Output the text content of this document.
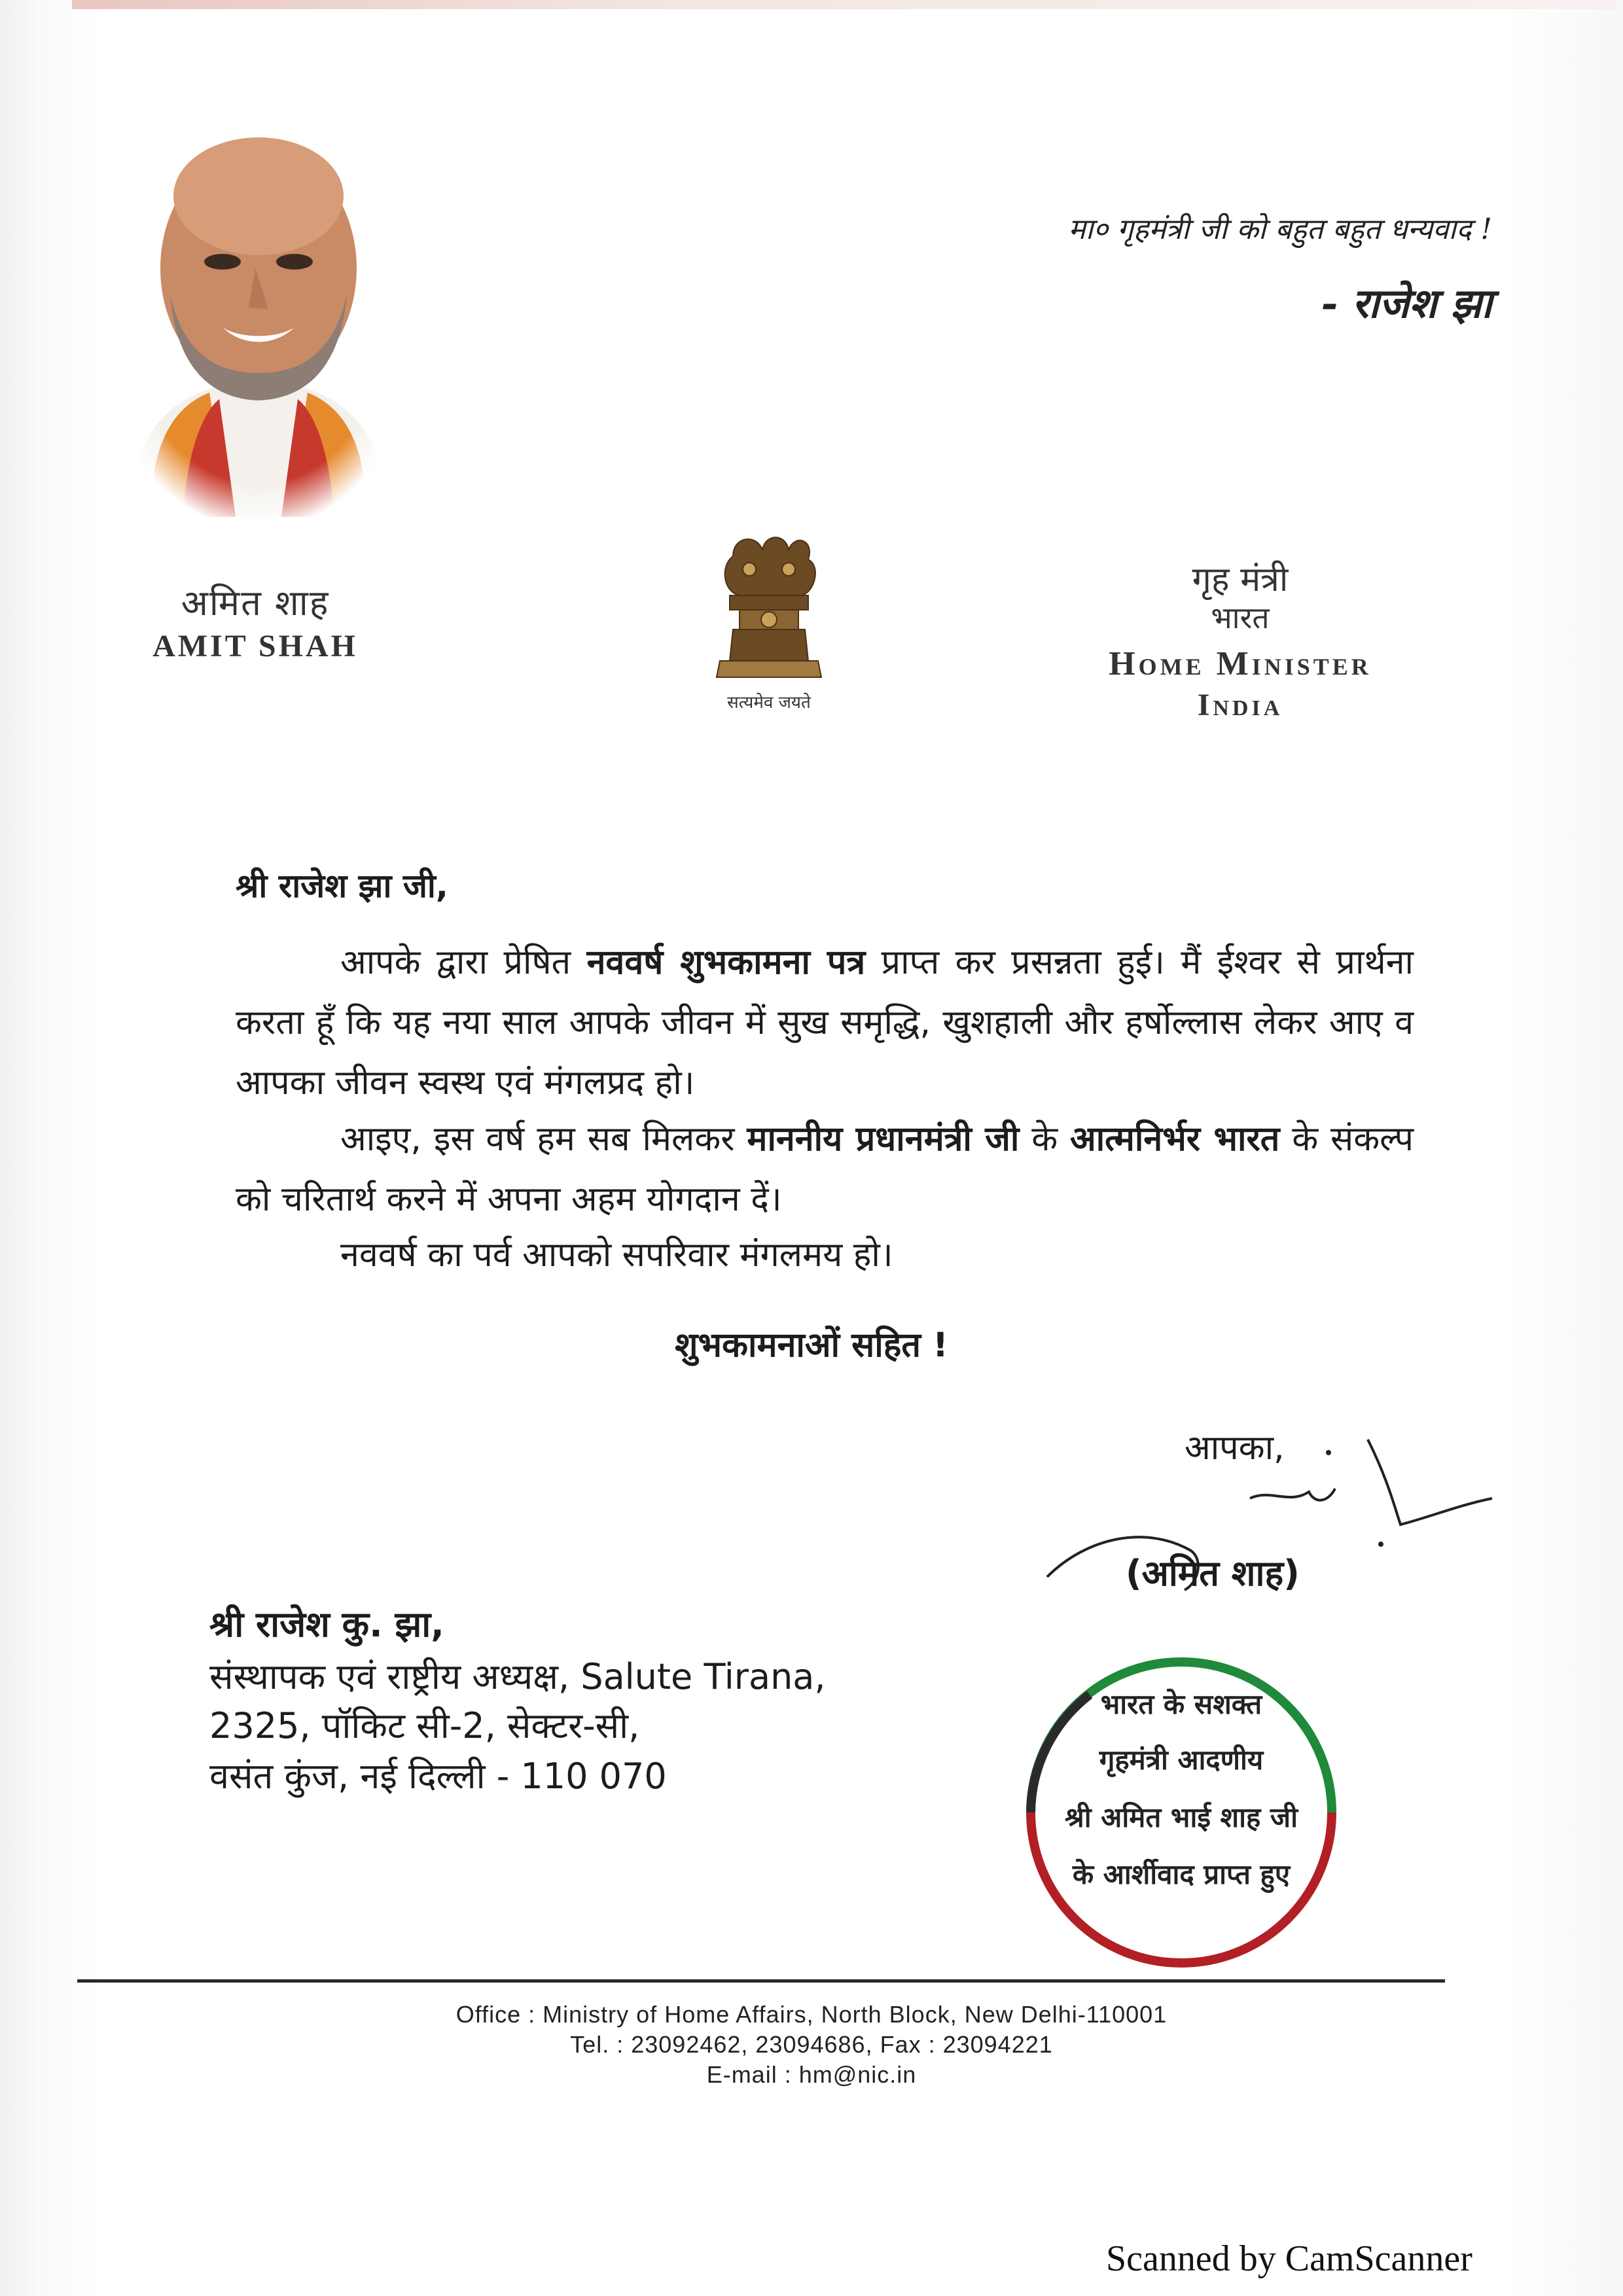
मा० गृहमंत्री जी को बहुत बहुत धन्यवाद !
- राजेश झा
अमित शाह
AMIT SHAH
सत्यमेव जयते
गृह मंत्री
भारत
Home Minister
India
श्री राजेश झा जी,
आपके द्वारा प्रेषित नववर्ष शुभकामना पत्र प्राप्त कर प्रसन्नता हुई। मैं ईश्वर से प्रार्थना करता हूँ कि यह नया साल आपके जीवन में सुख समृद्धि, खुशहाली और हर्षोल्लास लेकर आए व आपका जीवन स्वस्थ एवं मंगलप्रद हो।
आइए, इस वर्ष हम सब मिलकर माननीय प्रधानमंत्री जी के आत्मनिर्भर भारत के संकल्प को चरितार्थ करने में अपना अहम योगदान दें।
नववर्ष का पर्व आपको सपरिवार मंगलमय हो।
शुभकामनाओं सहित !
आपका,
(अमित शाह)
श्री राजेश कु. झा,
संस्थापक एवं राष्ट्रीय अध्यक्ष, Salute Tirana,
2325, पॉकिट सी-2, सेक्टर-सी,
वसंत कुंज, नई दिल्ली - 110 070
भारत के सशक्त
गृहमंत्री आदणीय
श्री अमित भाई शाह जी
के आर्शीवाद प्राप्त हुए
Office : Ministry of Home Affairs, North Block, New Delhi-110001
Tel. : 23092462, 23094686, Fax : 23094221
E-mail : hm@nic.in
Scanned by CamScanner
